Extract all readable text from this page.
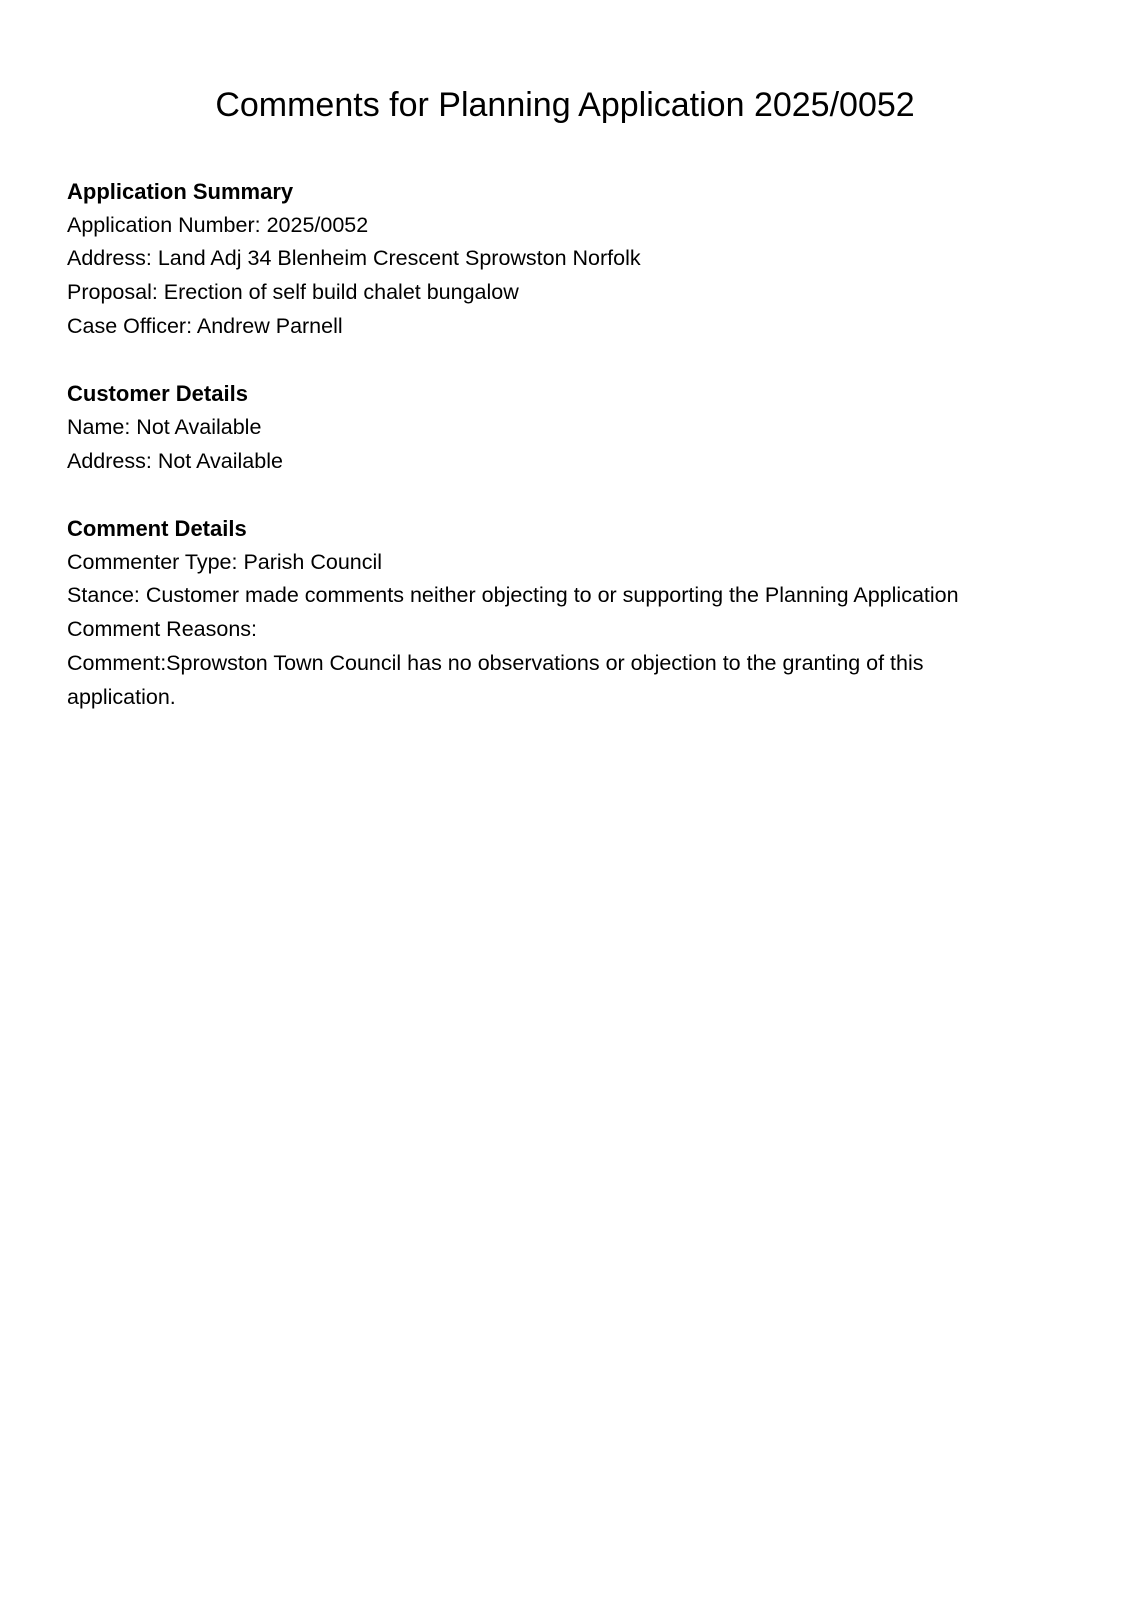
Comments for Planning Application 2025/0052
Application Summary
Application Number: 2025/0052
Address: Land Adj 34 Blenheim Crescent Sprowston Norfolk
Proposal: Erection of self build chalet bungalow
Case Officer: Andrew Parnell
Customer Details
Name: Not Available
Address: Not Available
Comment Details
Commenter Type: Parish Council
Stance: Customer made comments neither objecting to or supporting the Planning Application
Comment Reasons:
Comment:Sprowston Town Council has no observations or objection to the granting of this application.
